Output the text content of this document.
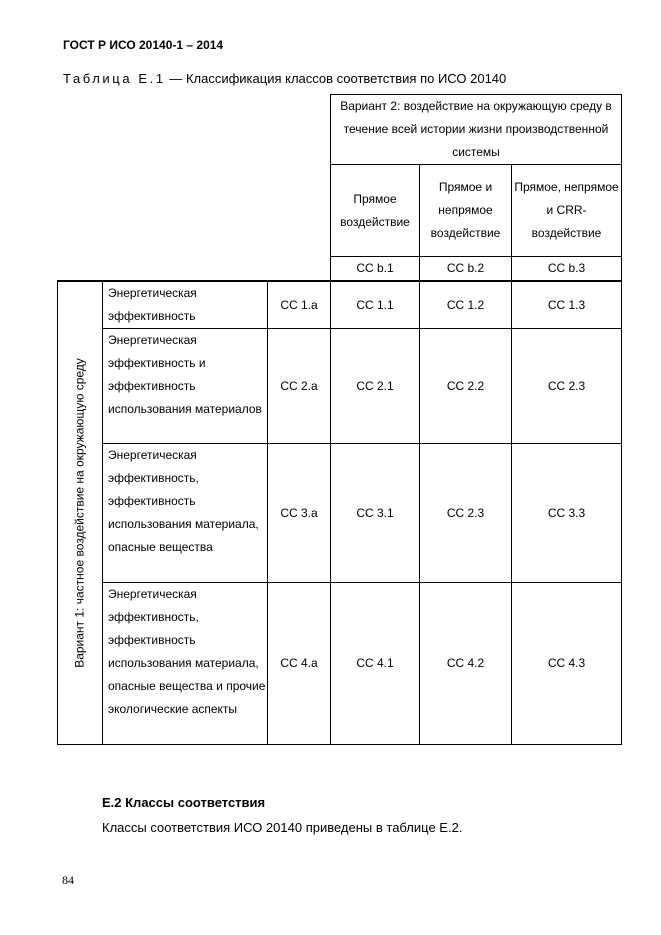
ГОСТ Р ИСО 20140-1 – 2014
Таблица Е.1 — Классификация классов соответствия по ИСО 20140
			Вариант 2: воздействие на окружающую среду в течение всей истории жизни производственной системы		
			Прямое воздействие	Прямое и непрямое воздействие	Прямое, непрямое и CRR-воздействие
			CC b.1	CC b.2	CC b.3

Вариант 1: частное воздействие на окружающую среду	Энергетическая эффективность	CC 1.a	CC 1.1	CC 1.2	CC 1.3
	Энергетическая эффективность и эффективность использования материалов	CC 2.a	CC 2.1	CC 2.2	CC 2.3
	Энергетическая эффективность, эффективность использования материала, опасные вещества	CC 3.a	CC 3.1	CC 2.3	CC 3.3
	Энергетическая эффективность, эффективность использования материала, опасные вещества и прочие экологические аспекты	CC 4.a	CC 4.1	CC 4.2	CC 4.3
Е.2 Классы соответствия
Классы соответствия ИСО 20140 приведены в таблице Е.2.
84
